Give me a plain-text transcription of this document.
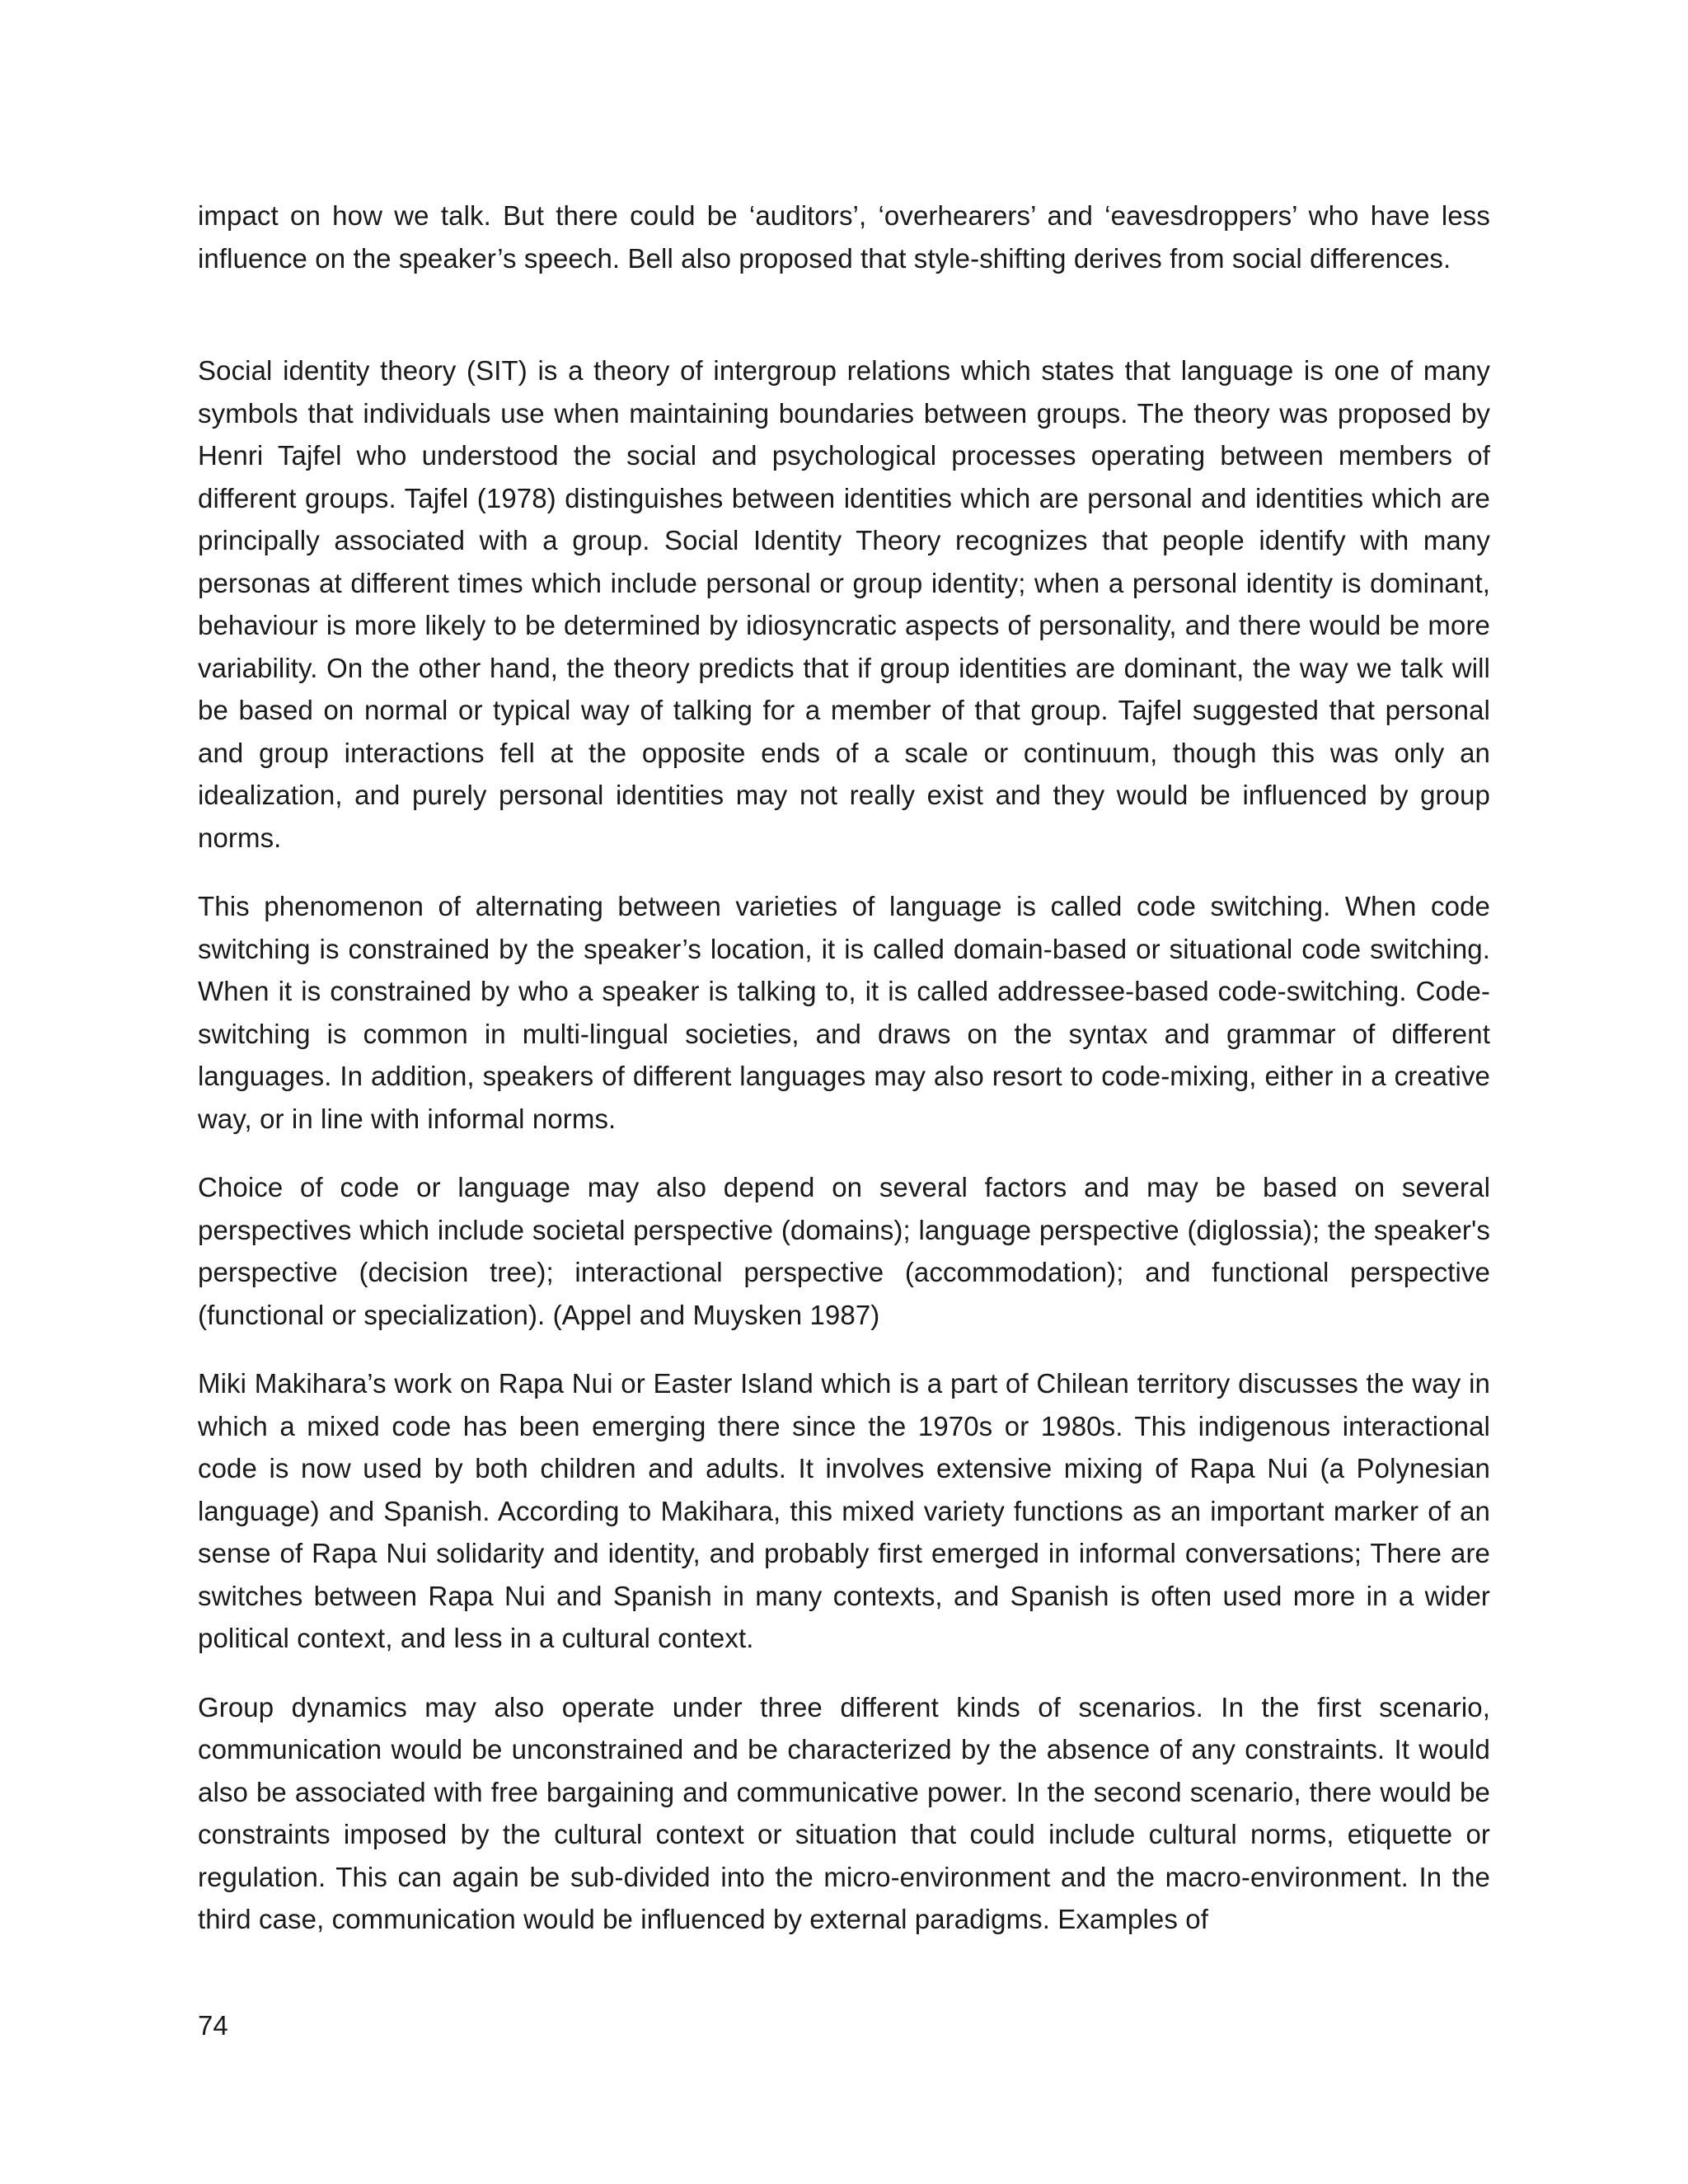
impact on how we talk. But there could be ‘auditors’, ‘overhearers’ and ‘eavesdroppers’ who have less influence on the speaker’s speech. Bell also proposed that style-shifting derives from social differences.

Social identity theory (SIT) is a theory of intergroup relations which states that language is one of many symbols that individuals use when maintaining boundaries between groups. The theory was proposed by Henri Tajfel who understood the social and psychological processes operating between members of different groups. Tajfel (1978) distinguishes between identities which are personal and identities which are principally associated with a group. Social Identity Theory recognizes that people identify with many personas at different times which include personal or group identity; when a personal identity is dominant, behaviour is more likely to be determined by idiosyncratic aspects of personality, and there would be more variability. On the other hand, the theory predicts that if group identities are dominant, the way we talk will be based on normal or typical way of talking for a member of that group. Tajfel suggested that personal and group interactions fell at the opposite ends of a scale or continuum, though this was only an idealization, and purely personal identities may not really exist and they would be influenced by group norms.

This phenomenon of alternating between varieties of language is called code switching. When code switching is constrained by the speaker’s location, it is called domain-based or situational code switching. When it is constrained by who a speaker is talking to, it is called addressee-based code-switching. Code-switching is common in multi-lingual societies, and draws on the syntax and grammar of different languages. In addition, speakers of different languages may also resort to code-mixing, either in a creative way, or in line with informal norms.

Choice of code or language may also depend on several factors and may be based on several perspectives which include societal perspective (domains); language perspective (diglossia); the speaker's perspective (decision tree); interactional perspective (accommodation); and functional perspective (functional or specialization). (Appel and Muysken 1987)

Miki Makihara’s work on Rapa Nui or Easter Island which is a part of Chilean territory discusses the way in which a mixed code has been emerging there since the 1970s or 1980s. This indigenous interactional code is now used by both children and adults. It involves extensive mixing of Rapa Nui (a Polynesian language) and Spanish. According to Makihara, this mixed variety functions as an important marker of an sense of Rapa Nui solidarity and identity, and probably first emerged in informal conversations; There are switches between Rapa Nui and Spanish in many contexts, and Spanish is often used more in a wider political context, and less in a cultural context.

Group dynamics may also operate under three different kinds of scenarios. In the first scenario, communication would be unconstrained and be characterized by the absence of any constraints. It would also be associated with free bargaining and communicative power. In the second scenario, there would be constraints imposed by the cultural context or situation that could include cultural norms, etiquette or regulation. This can again be sub-divided into the micro-environment and the macro-environment. In the third case, communication would be influenced by external paradigms. Examples of

74
